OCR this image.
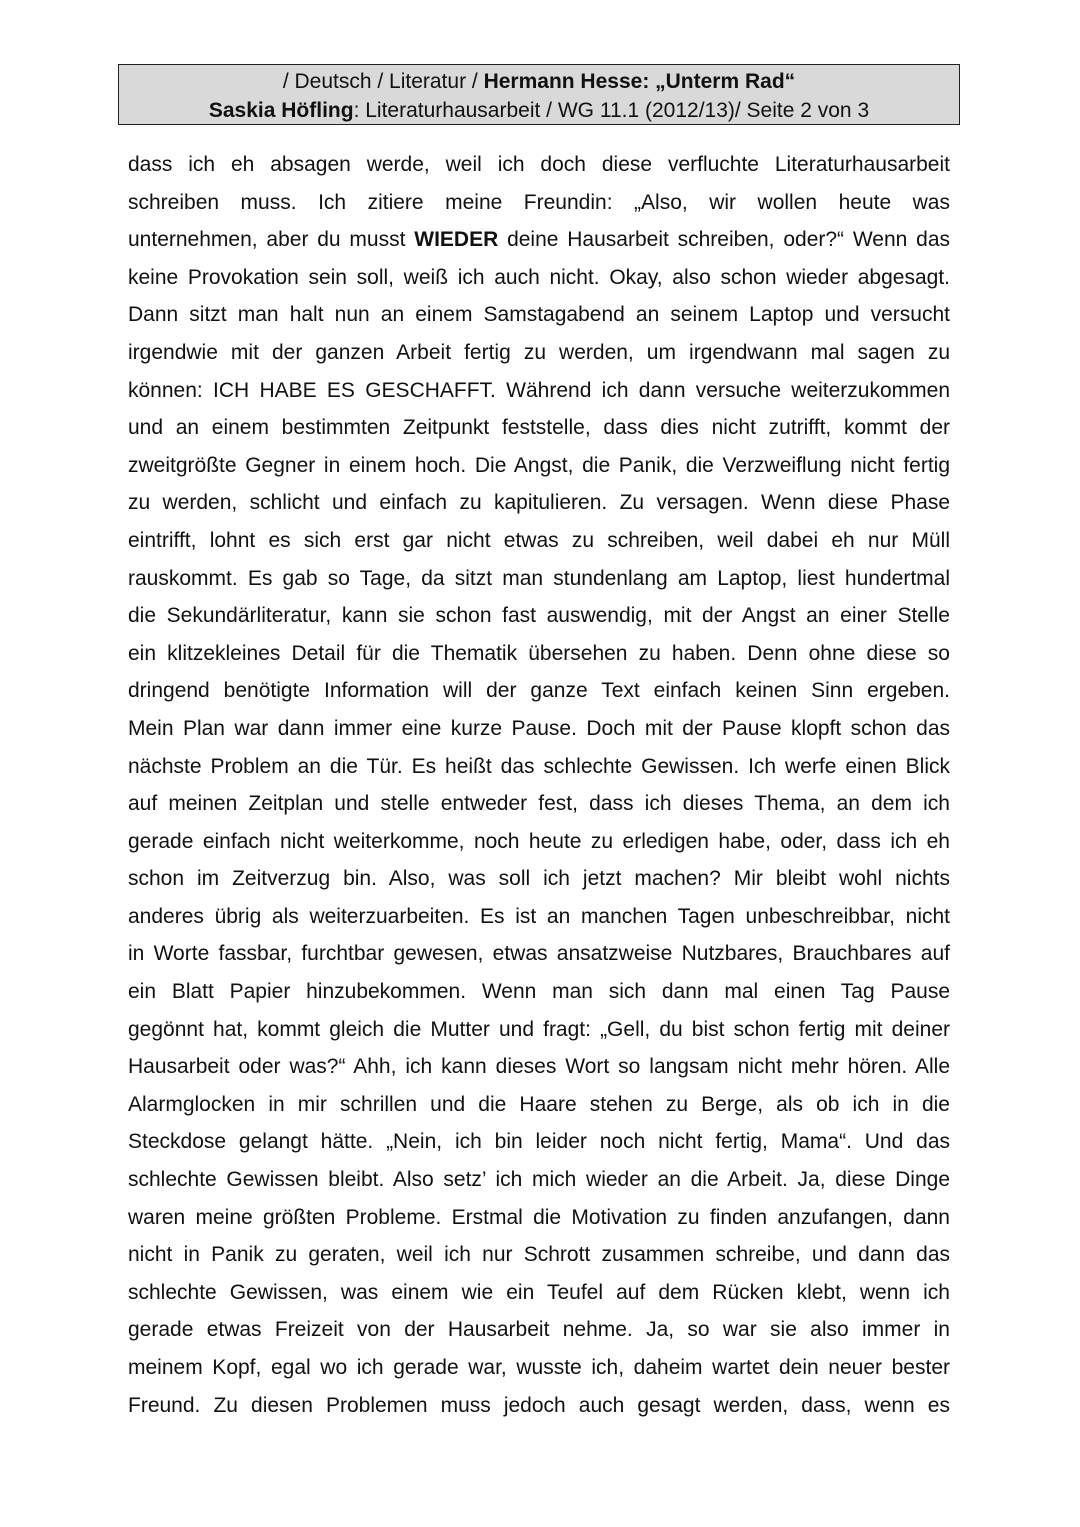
/ Deutsch / Literatur / Hermann Hesse: „Unterm Rad“
Saskia Höfling: Literaturhausarbeit / WG 11.1 (2012/13)/ Seite 2 von 3
dass ich eh absagen werde, weil ich doch diese verfluchte Literaturhausarbeit
schreiben muss. Ich zitiere meine Freundin: „Also, wir wollen heute was
unternehmen, aber du musst WIEDER deine Hausarbeit schreiben, oder?“ Wenn das
keine Provokation sein soll, weiß ich auch nicht. Okay, also schon wieder abgesagt.
Dann sitzt man halt nun an einem Samstagabend an seinem Laptop und versucht
irgendwie mit der ganzen Arbeit fertig zu werden, um irgendwann mal sagen zu
können: ICH HABE ES GESCHAFFT. Während ich dann versuche weiterzukommen
und an einem bestimmten Zeitpunkt feststelle, dass dies nicht zutrifft, kommt der
zweitgrößte Gegner in einem hoch. Die Angst, die Panik, die Verzweiflung nicht fertig
zu werden, schlicht und einfach zu kapitulieren. Zu versagen. Wenn diese Phase
eintrifft, lohnt es sich erst gar nicht etwas zu schreiben, weil dabei eh nur Müll
rauskommt. Es gab so Tage, da sitzt man stundenlang am Laptop, liest hundertmal
die Sekundärliteratur, kann sie schon fast auswendig, mit der Angst an einer Stelle
ein klitzekleines Detail für die Thematik übersehen zu haben. Denn ohne diese so
dringend benötigte Information will der ganze Text einfach keinen Sinn ergeben.
Mein Plan war dann immer eine kurze Pause. Doch mit der Pause klopft schon das
nächste Problem an die Tür. Es heißt das schlechte Gewissen. Ich werfe einen Blick
auf meinen Zeitplan und stelle entweder fest, dass ich dieses Thema, an dem ich
gerade einfach nicht weiterkomme, noch heute zu erledigen habe, oder, dass ich eh
schon im Zeitverzug bin. Also, was soll ich jetzt machen? Mir bleibt wohl nichts
anderes übrig als weiterzuarbeiten. Es ist an manchen Tagen unbeschreibbar, nicht
in Worte fassbar, furchtbar gewesen, etwas ansatzweise Nutzbares, Brauchbares auf
ein Blatt Papier hinzubekommen. Wenn man sich dann mal einen Tag Pause
gegönnt hat, kommt gleich die Mutter und fragt: „Gell, du bist schon fertig mit deiner
Hausarbeit oder was?“ Ahh, ich kann dieses Wort so langsam nicht mehr hören. Alle
Alarmglocken in mir schrillen und die Haare stehen zu Berge, als ob ich in die
Steckdose gelangt hätte. „Nein, ich bin leider noch nicht fertig, Mama“. Und das
schlechte Gewissen bleibt. Also setz’ ich mich wieder an die Arbeit. Ja, diese Dinge
waren meine größten Probleme. Erstmal die Motivation zu finden anzufangen, dann
nicht in Panik zu geraten, weil ich nur Schrott zusammen schreibe, und dann das
schlechte Gewissen, was einem wie ein Teufel auf dem Rücken klebt, wenn ich
gerade etwas Freizeit von der Hausarbeit nehme. Ja, so war sie also immer in
meinem Kopf, egal wo ich gerade war, wusste ich, daheim wartet dein neuer bester
Freund. Zu diesen Problemen muss jedoch auch gesagt werden, dass, wenn es
